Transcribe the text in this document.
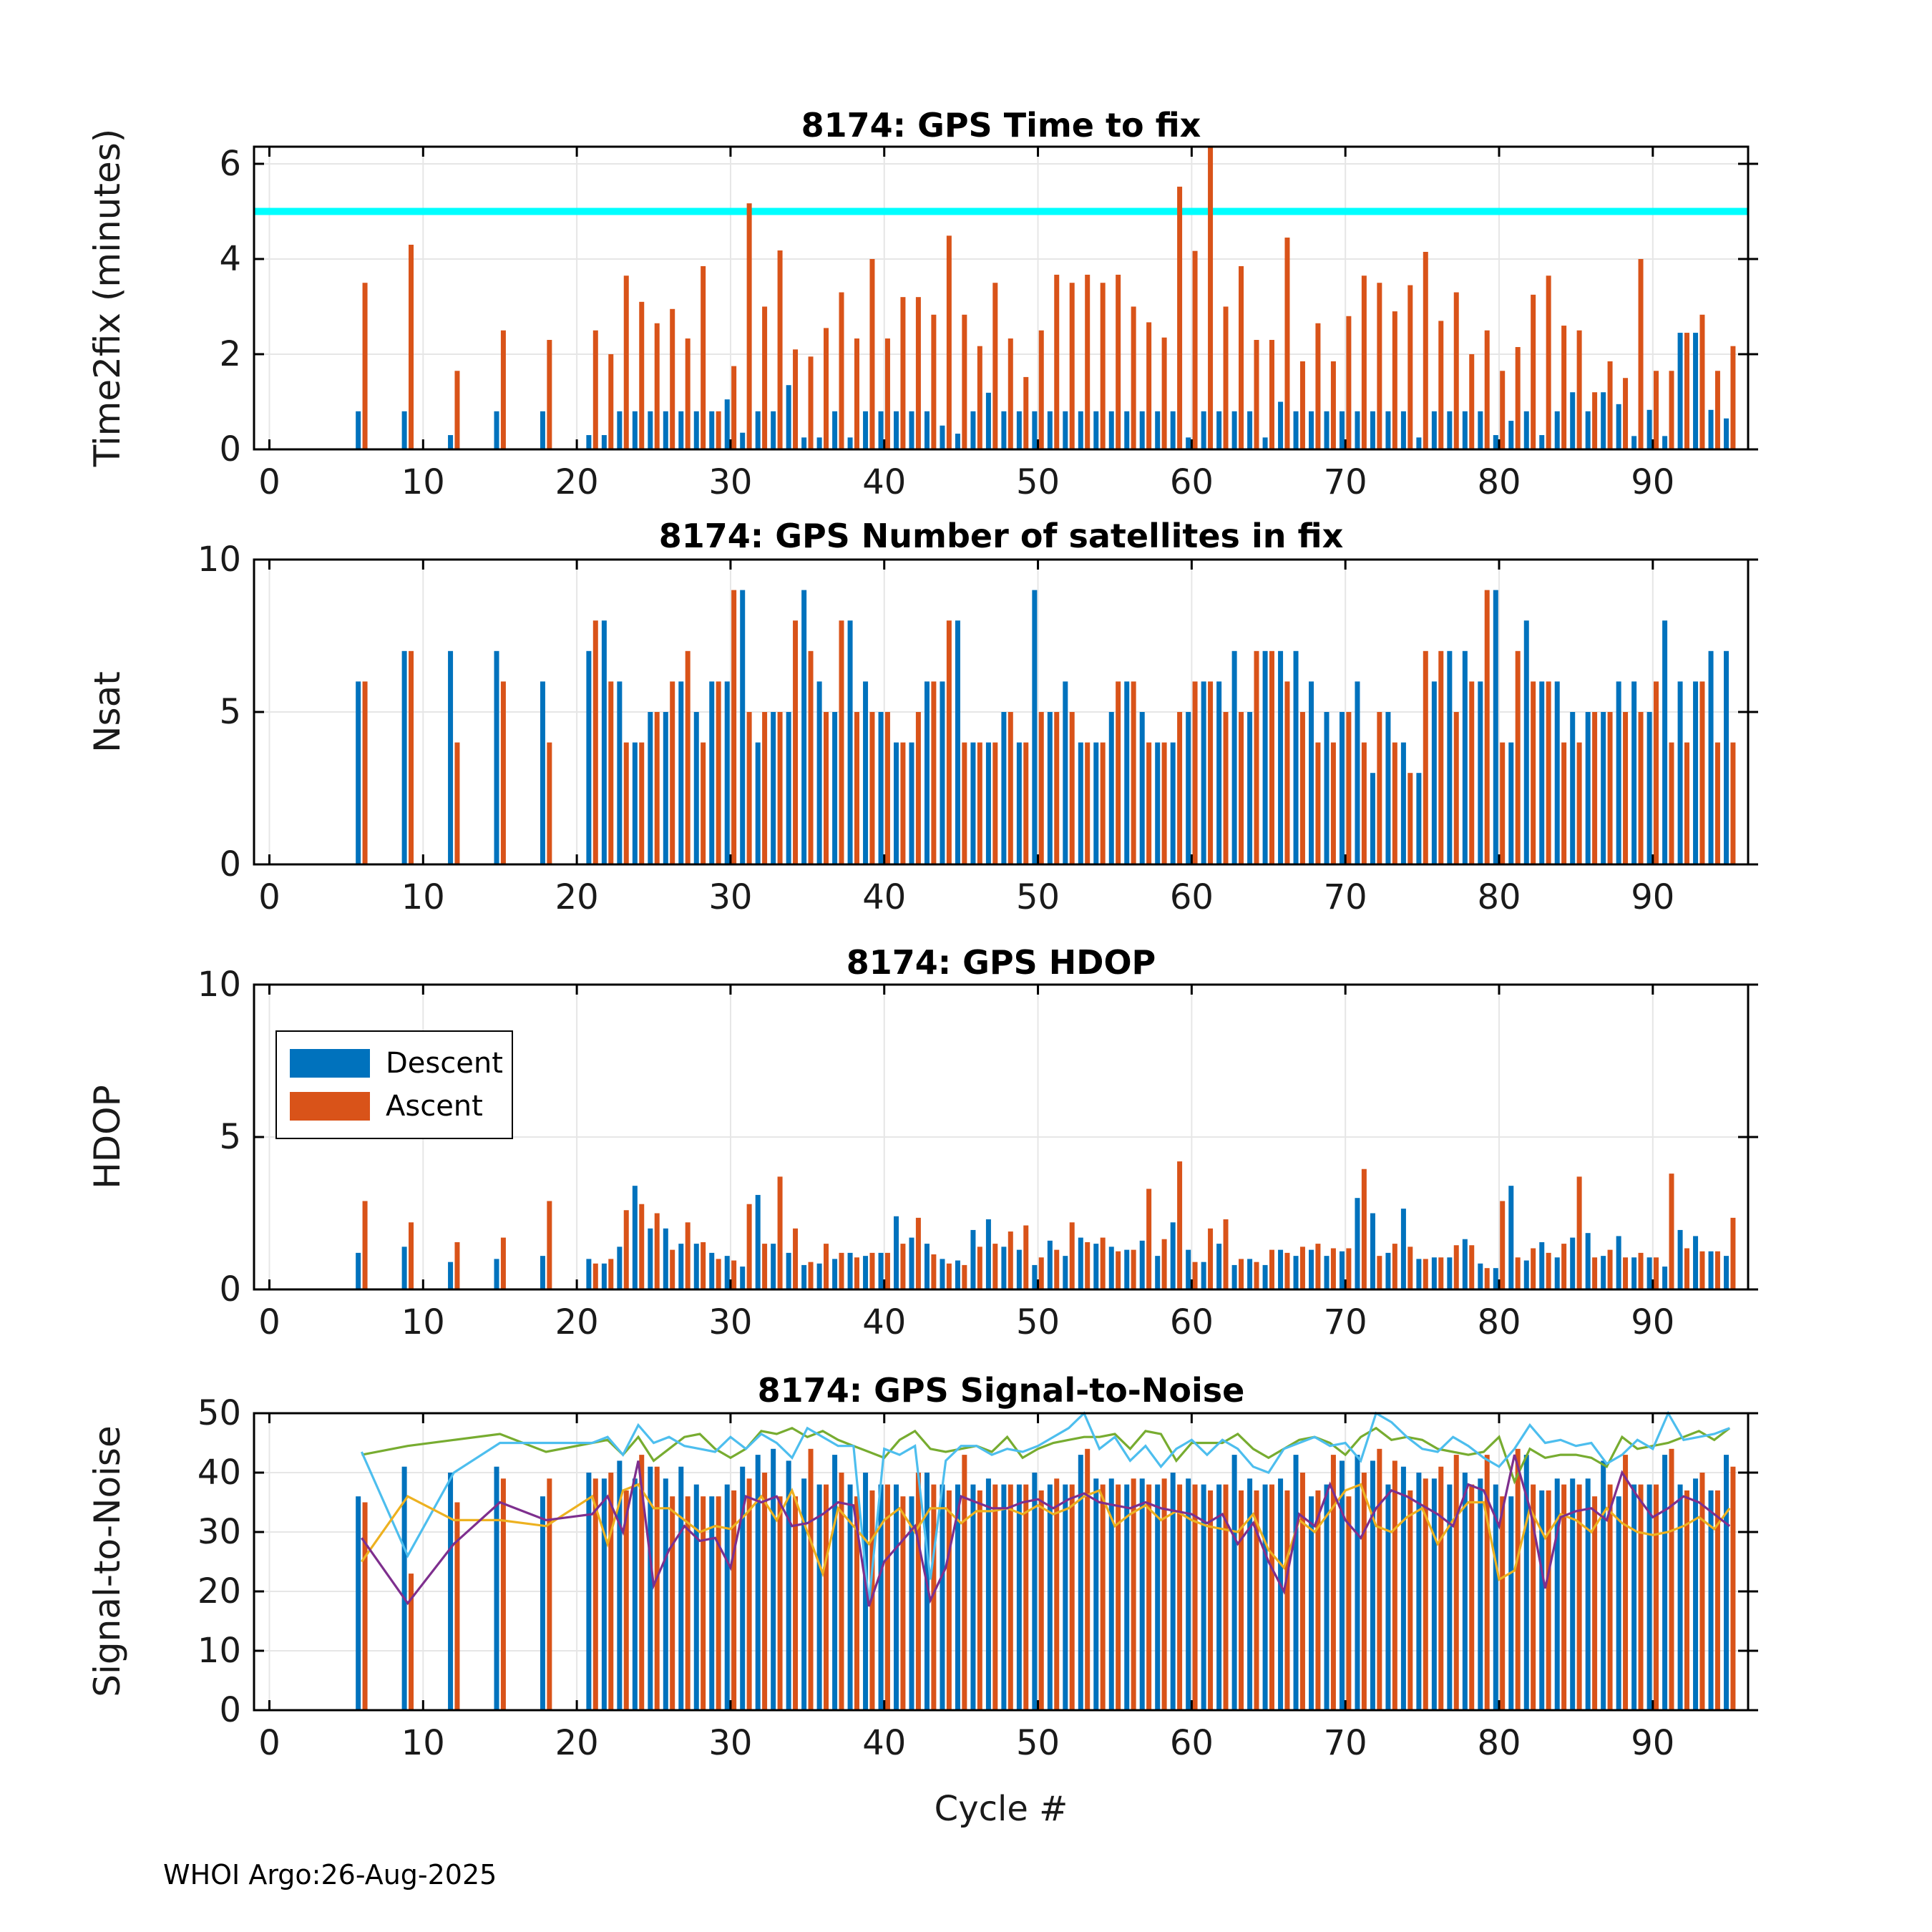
0	10	20	30	40	50	60	70	80	90
0
2
4
6
0	10	20	30	40	50	60	70	80	90
0
5
10
0	10	20	30	40	50	60	70	80	90
0
5
10
0	10	20	30	40	50	60	70	80	90
0
10
20
30
40
50
8174: GPS Time to fix
8174: GPS Number of satellites in fix
8174: GPS HDOP
8174: GPS Signal-to-Noise
Time2fix (minutes)
Nsat
HDOP
Signal-to-Noise
Cycle #
Descent
Ascent
WHOI Argo:26-Aug-2025
